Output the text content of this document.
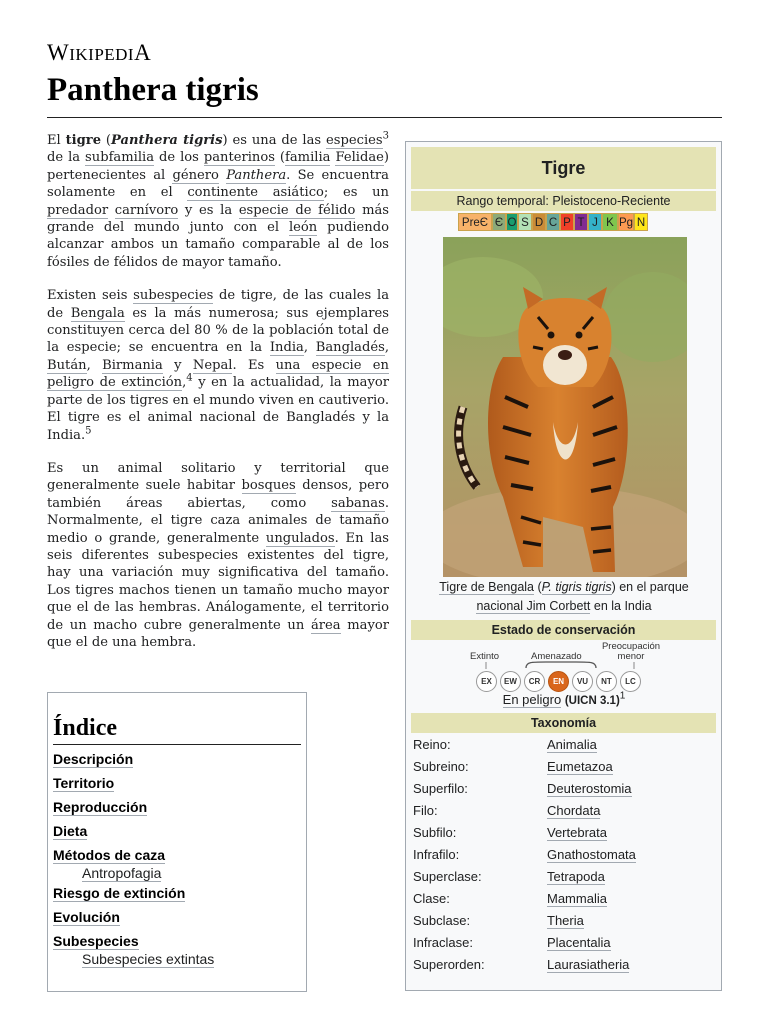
WIKIPEDIA
Panthera tigris

El tigre (Panthera tigris) es una de las especies$^3$ de la subfamilia de los panterinos (familia Felidae) pertenecientes al género Panthera. Se encuentra solamente en el continente asiático; es un predador carnívoro y es la especie de félido más grande del mundo junto con el león pudiendo alcanzar ambos un tamaño comparable al de los fósiles de félidos de mayor tamaño.

Existen seis subespecies de tigre, de las cuales la de Bengala es la más numerosa; sus ejemplares constituyen cerca del 80 % de la población total de la especie; se encuentra en la India, Bangladés, Bután, Birmania y Nepal. Es una especie en peligro de extinción,$^4$ y en la actualidad, la mayor parte de los tigres en el mundo viven en cautiverio. El tigre es el animal nacional de Bangladés y la India.$^5$

Es un animal solitario y territorial que generalmente suele habitar bosques densos, pero también áreas abiertas, como sabanas. Normalmente, el tigre caza animales de tamaño medio o grande, generalmente ungulados. En las seis diferentes subespecies existentes del tigre, hay una variación muy significativa del tamaño. Los tigres machos tienen un tamaño mucho mayor que el de las hembras. Análogamente, el territorio de un macho cubre generalmente un área mayor que el de una hembra.

Índice
Descripción
Territorio
Reproducción
Dieta
Métodos de caza
Antropofagia
Riesgo de extinción
Evolución
Subespecies
Subespecies extintas
Tigre
Rango temporal: Pleistoceno-Reciente
PreЄ Є O S D C P T J K Pg N
Tigre de Bengala (P. tigris tigris) en el parque nacional Jim Corbett en la India
Estado de conservación
Extinto	Amenazado
Preocupación menor
EX	EW	CR	EN	VU	NT	LC
En peligro (UICN 3.1)$^1$
Taxonomía
Reino:	Animalia
Subreino:	Eumetazoa
Superfilo:	Deuterostomia
Filo:	Chordata
Subfilo:	Vertebrata
Infrafilo:	Gnathostomata
Superclase:	Tetrapoda
Clase:	Mammalia
Subclase:	Theria
Infraclase:	Placentalia
Superorden:	Laurasiatheria
